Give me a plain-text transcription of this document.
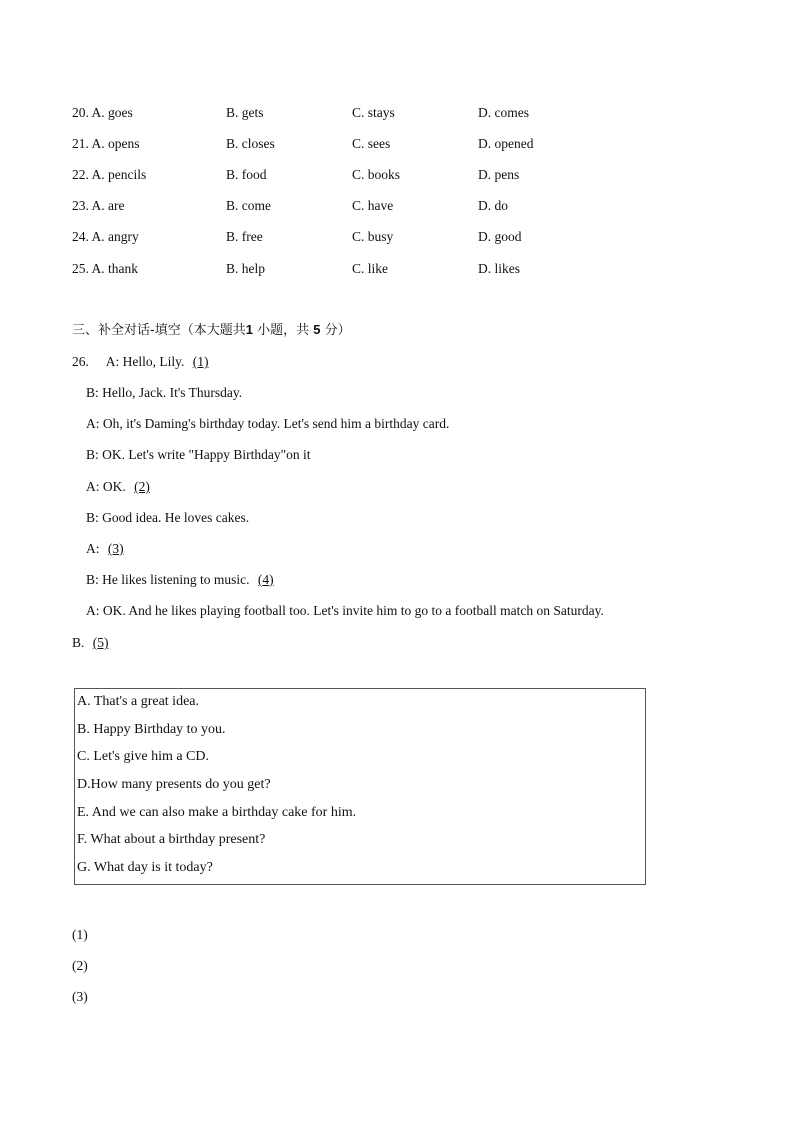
20. A. goes	B. gets	C. stays	D. comes
21. A. opens	B. closes	C. sees	D. opened
22. A. pencils	B. food	C. books	D. pens
23. A. are	B. come	C. have	D. do
24. A. angry	B. free	C. busy	D. good
25. A. thank	B. help	C. like	D. likes
三、补全对话-填空（本大题共1 小题，共 5 分）
26. A: Hello, Lily. (1)
B: Hello, Jack. It's Thursday.
A: Oh, it's Daming's birthday today. Let's send him a birthday card.
B: OK. Let's write "Happy Birthday"on it
A: OK. (2)
B: Good idea. He loves cakes.
A: (3)
B: He likes listening to music. (4)
A: OK. And he likes playing football too. Let's invite him to go to a football match on Saturday.
B. (5)
A. That's a great idea.
B. Happy Birthday to you.
C. Let's give him a CD.
D.How many presents do you get?
E. And we can also make a birthday cake for him.
F. What about a birthday present?
G. What day is it today?
(1)
(2)
(3)
